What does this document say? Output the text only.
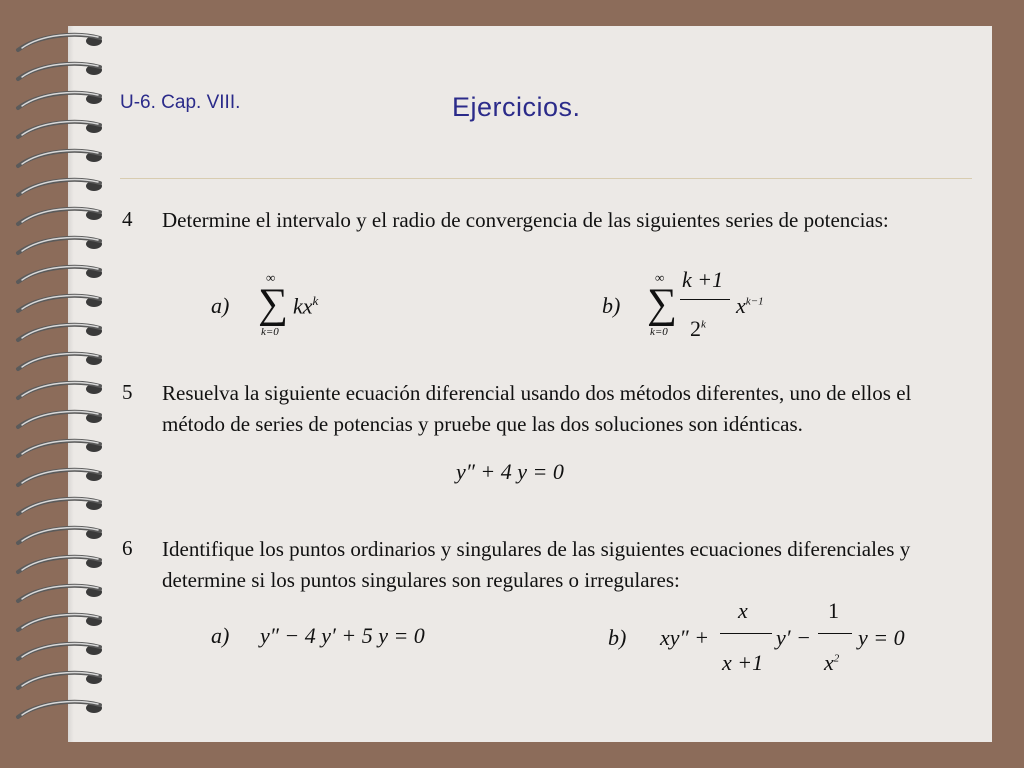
U-6. Cap. VIII.	Ejercicios.
4 Determine el intervalo y el radio de convergencia de las siguientes series de potencias:
a)
∞
∑
k=0
$kx^k$	b)
∞
∑
k=0
k +1
2$^k$
$x^{k-1}$
5 Resuelva la siguiente ecuación diferencial usando dos métodos diferentes, uno de ellos el método de series de potencias y pruebe que las dos soluciones son idénticas.
y″ + 4 y = 0
6 Identifique los puntos ordinarios y singulares de las siguientes ecuaciones diferenciales y determine si los puntos singulares son regulares o irregulares:
a) y″ − 4 y′ + 5 y = 0	b) xy″ +
x
x +1
y′ −
1
$x^2$
y = 0
